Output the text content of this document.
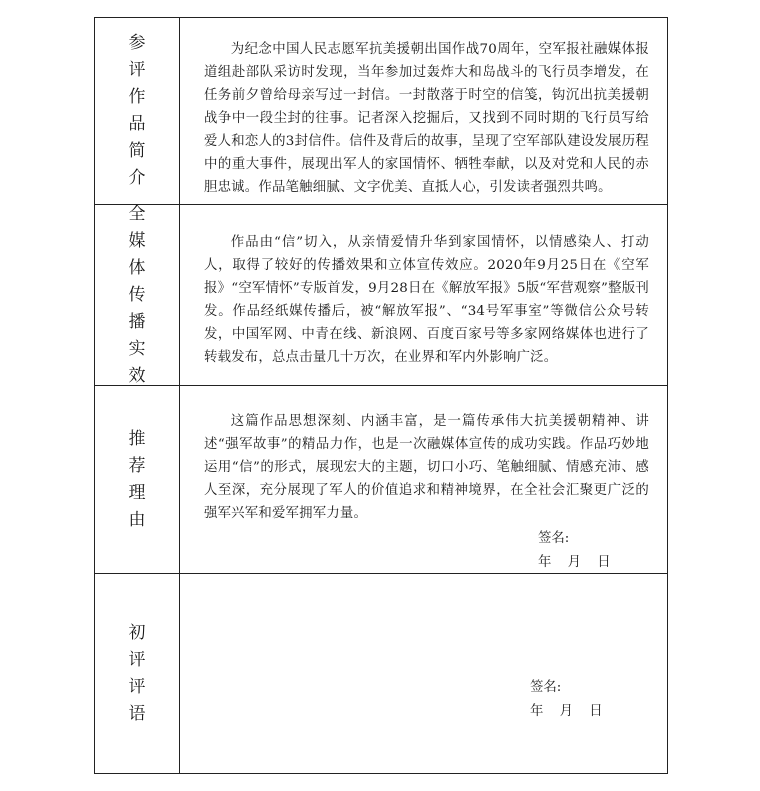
参评作品简介

为纪念中国人民志愿军抗美援朝出国作战70周年，空军报社融媒体报道组赴部队采访时发现，当年参加过轰炸大和岛战斗的飞行员李增发，在任务前夕曾给母亲写过一封信。一封散落于时空的信笺，钩沉出抗美援朝战争中一段尘封的往事。记者深入挖掘后，又找到不同时期的飞行员写给爱人和恋人的3封信件。信件及背后的故事，呈现了空军部队建设发展历程中的重大事件，展现出军人的家国情怀、牺牲奉献，以及对党和人民的赤胆忠诚。作品笔触细腻、文字优美、直抵人心，引发读者强烈共鸣。

全媒体传播实效

作品由“信”切入，从亲情爱情升华到家国情怀，以情感染人、打动人，取得了较好的传播效果和立体宣传效应。2020年9月25日在《空军报》“空军情怀”专版首发，9月28日在《解放军报》5版“军营观察”整版刊发。作品经纸媒传播后，被“解放军报”、“34号军事室”等微信公众号转发，中国军网、中青在线、新浪网、百度百家号等多家网络媒体也进行了转载发布，总点击量几十万次，在业界和军内外影响广泛。

推荐理由

这篇作品思想深刻、内涵丰富，是一篇传承伟大抗美援朝精神、讲述“强军故事”的精品力作，也是一次融媒体宣传的成功实践。作品巧妙地运用“信”的形式，展现宏大的主题，切口小巧、笔触细腻、情感充沛、感人至深，充分展现了军人的价值追求和精神境界，在全社会汇聚更广泛的强军兴军和爱军拥军力量。

签名:
年 月 日
初评评语

签名:
年 月 日
